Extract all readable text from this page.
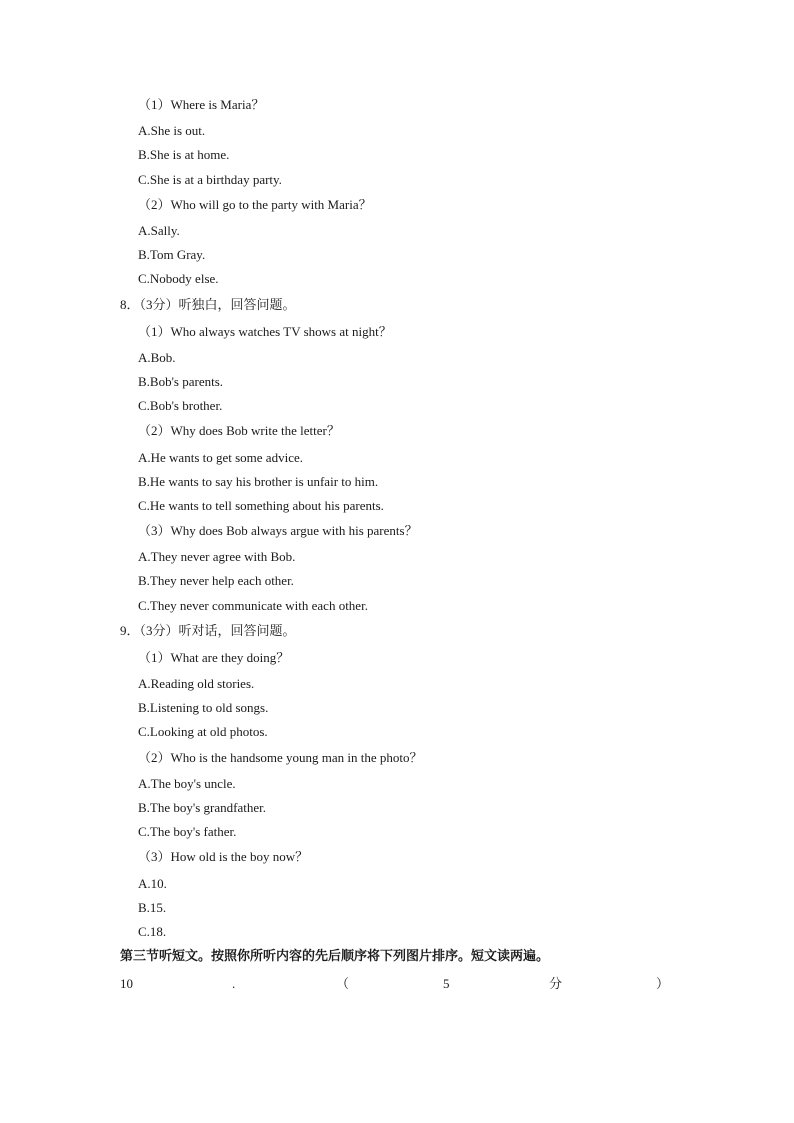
（1）Where is Maria？
A.She is out.
B.She is at home.
C.She is at a birthday party.
（2）Who will go to the party with Maria？
A.Sally.
B.Tom Gray.
C.Nobody else.
8．（3分）听独白，回答问题。
（1）Who always watches TV shows at night？
A.Bob.
B.Bob's parents.
C.Bob's brother.
（2）Why does Bob write the letter？
A.He wants to get some advice.
B.He wants to say his brother is unfair to him.
C.He wants to tell something about his parents.
（3）Why does Bob always argue with his parents？
A.They never agree with Bob.
B.They never help each other.
C.They never communicate with each other.
9．（3分）听对话，回答问题。
（1）What are they doing？
A.Reading old stories.
B.Listening to old songs.
C.Looking at old photos.
（2）Who is the handsome young man in the photo？
A.The boy's uncle.
B.The boy's grandfather.
C.The boy's father.
（3）How old is the boy now？
A.10.
B.15.
C.18.
第三节听短文。按照你所听内容的先后顺序将下列图片排序。短文读两遍。
10	.	（	5	分	）
